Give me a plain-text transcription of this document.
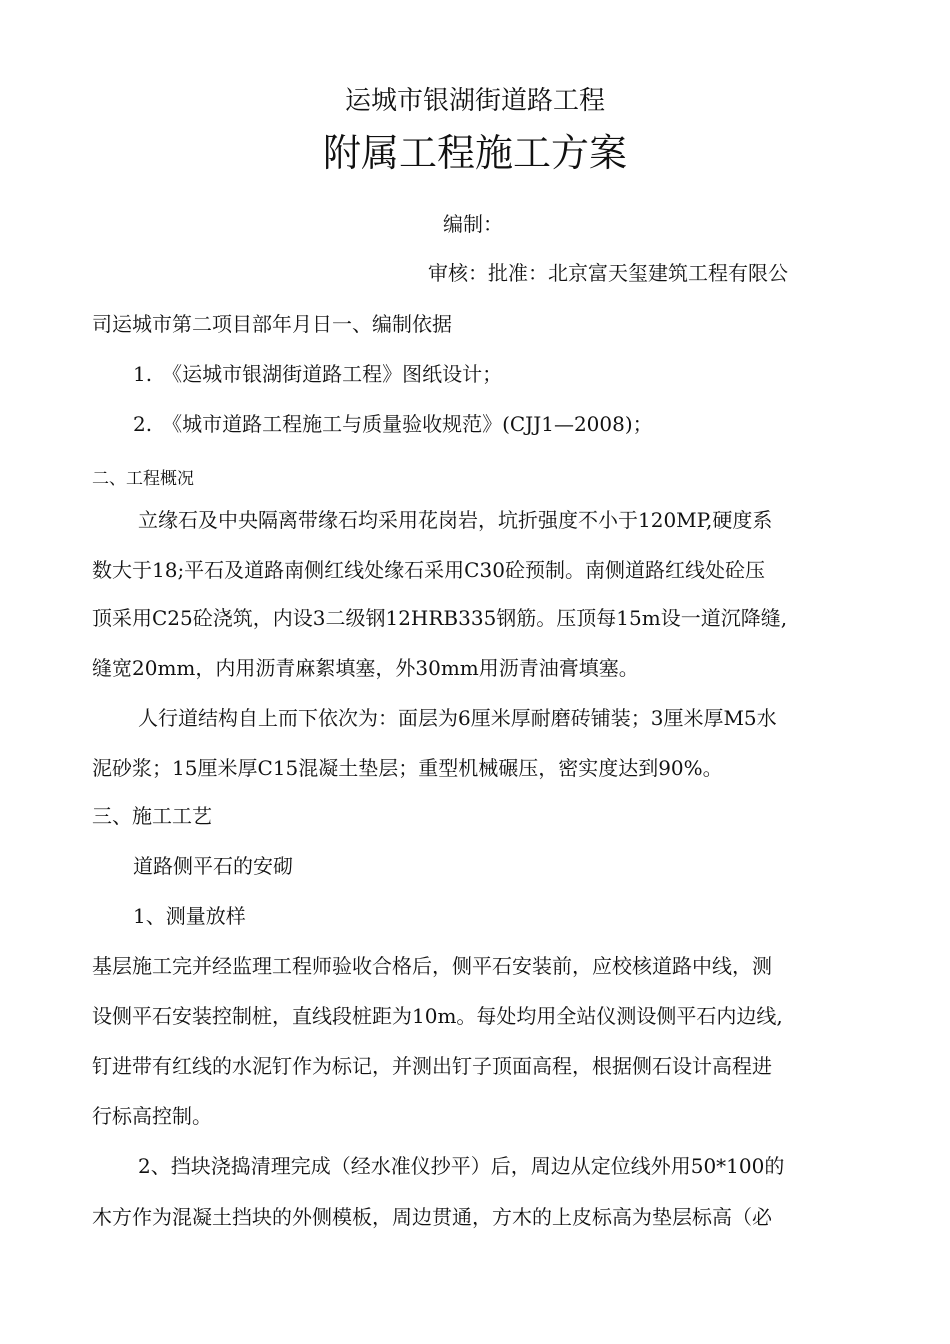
运城市银湖街道路工程
附属工程施工方案
编制：
审核：批准：北京富天玺建筑工程有限公
司运城市第二项目部年月日一、编制依据
1.　《运城市银湖街道路工程》图纸设计；
2.　《城市道路工程施工与质量验收规范》(CJJ1—2008)；
二、工程概况
立缘石及中央隔离带缘石均采用花岗岩，坑折强度不小于120MP,硬度系
数大于18;平石及道路南侧红线处缘石采用C30砼预制。南侧道路红线处砼压
顶采用C25砼浇筑，内设3二级钢12HRB335钢筋。压顶每15m设一道沉降缝,
缝宽20mm，内用沥青麻絮填塞，外30mm用沥青油膏填塞。
人行道结构自上而下依次为：面层为6厘米厚耐磨砖铺装；3厘米厚M5水
泥砂浆；15厘米厚C15混凝土垫层；重型机械碾压，密实度达到90%。
三、施工工艺
道路侧平石的安砌
1、测量放样
基层施工完并经监理工程师验收合格后，侧平石安装前，应校核道路中线，测
设侧平石安装控制桩，直线段桩距为10m。每处均用全站仪测设侧平石内边线,
钉进带有红线的水泥钉作为标记，并测出钉子顶面高程，根据侧石设计高程进
行标高控制。
2、挡块浇捣清理完成（经水准仪抄平）后，周边从定位线外用50*100的
木方作为混凝土挡块的外侧模板，周边贯通，方木的上皮标高为垫层标高（必
